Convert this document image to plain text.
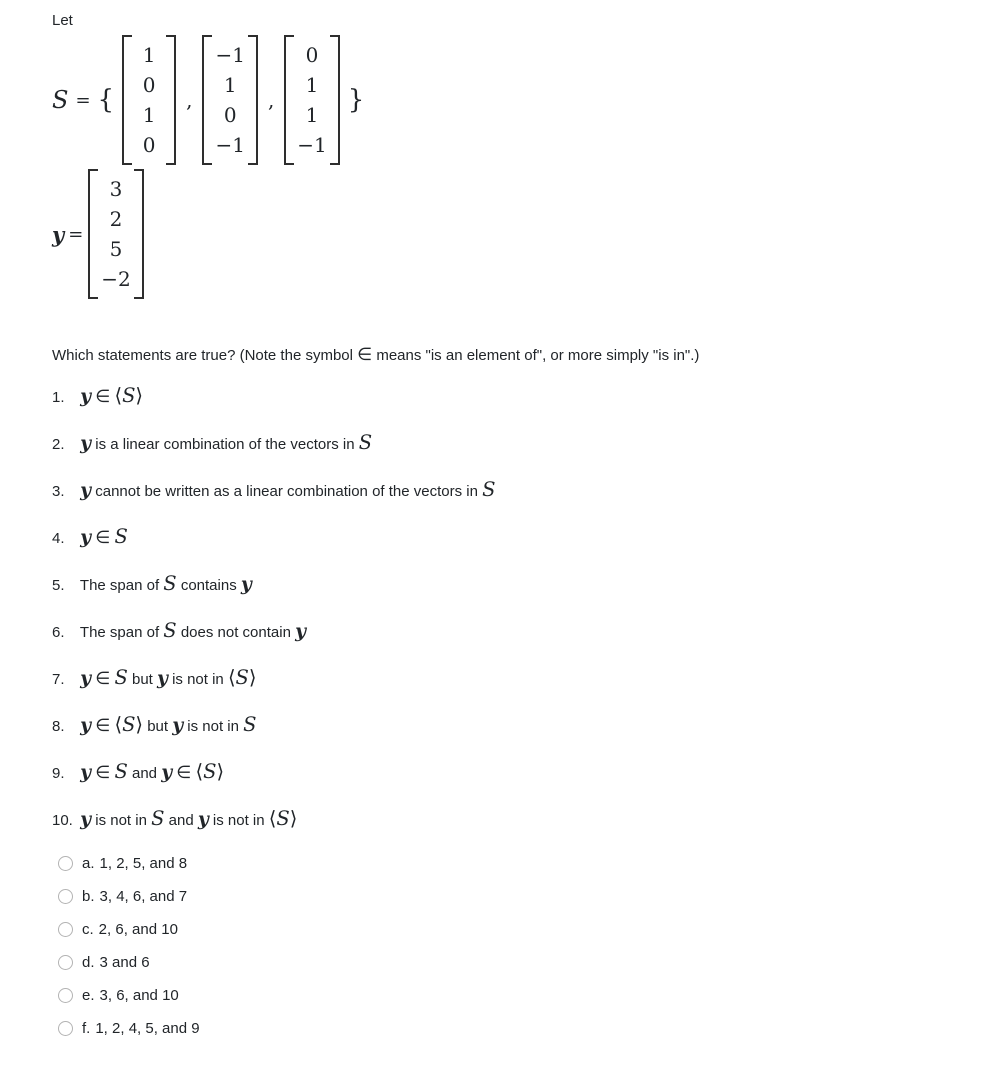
Let

S = {
1
0
1
0
,
−1
1
0
−1
,
0
1
1
−1
}
y =
3
2
5
−2

Which statements are true? (Note the symbol ∈ means "is an element of", or more simply "is in".)

1. y ∈ ⟨S⟩
2. y is a linear combination of the vectors in S
3. y cannot be written as a linear combination of the vectors in S
4. y ∈ S
5. The span of S contains y
6. The span of S does not contain y
7. y ∈ S but y is not in ⟨S⟩
8. y ∈ ⟨S⟩ but y is not in S
9. y ∈ S and y ∈ ⟨S⟩
10. y is not in S and y is not in ⟨S⟩
a. 1, 2, 5, and 8
b. 3, 4, 6, and 7
c. 2, 6, and 10
d. 3 and 6
e. 3, 6, and 10
f. 1, 2, 4, 5, and 9
